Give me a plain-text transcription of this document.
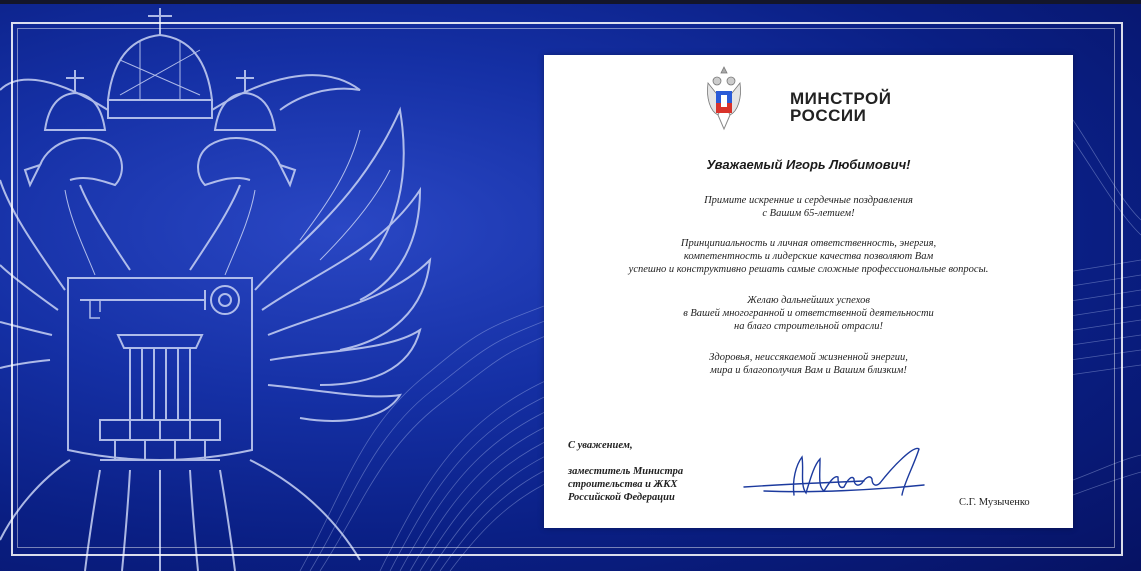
МИНСТРОЙ
РОССИИ
Уважаемый Игорь Любимович!
Примите искренние и сердечные поздравления
с Вашим 65-летием!
Принципиальность и личная ответственность, энергия,
компетентность и лидерские качества позволяют Вам
успешно и конструктивно решать самые сложные профессиональные вопросы.
Желаю дальнейших успехов
в Вашей многогранной и ответственной деятельности
на благо строительной отрасли!
Здоровья, неиссякаемой жизненной энергии,
мира и благополучия Вам и Вашим близким!
С уважением,
заместитель Министра
строительства и ЖКХ
Российской Федерации	С.Г. Музыченко
